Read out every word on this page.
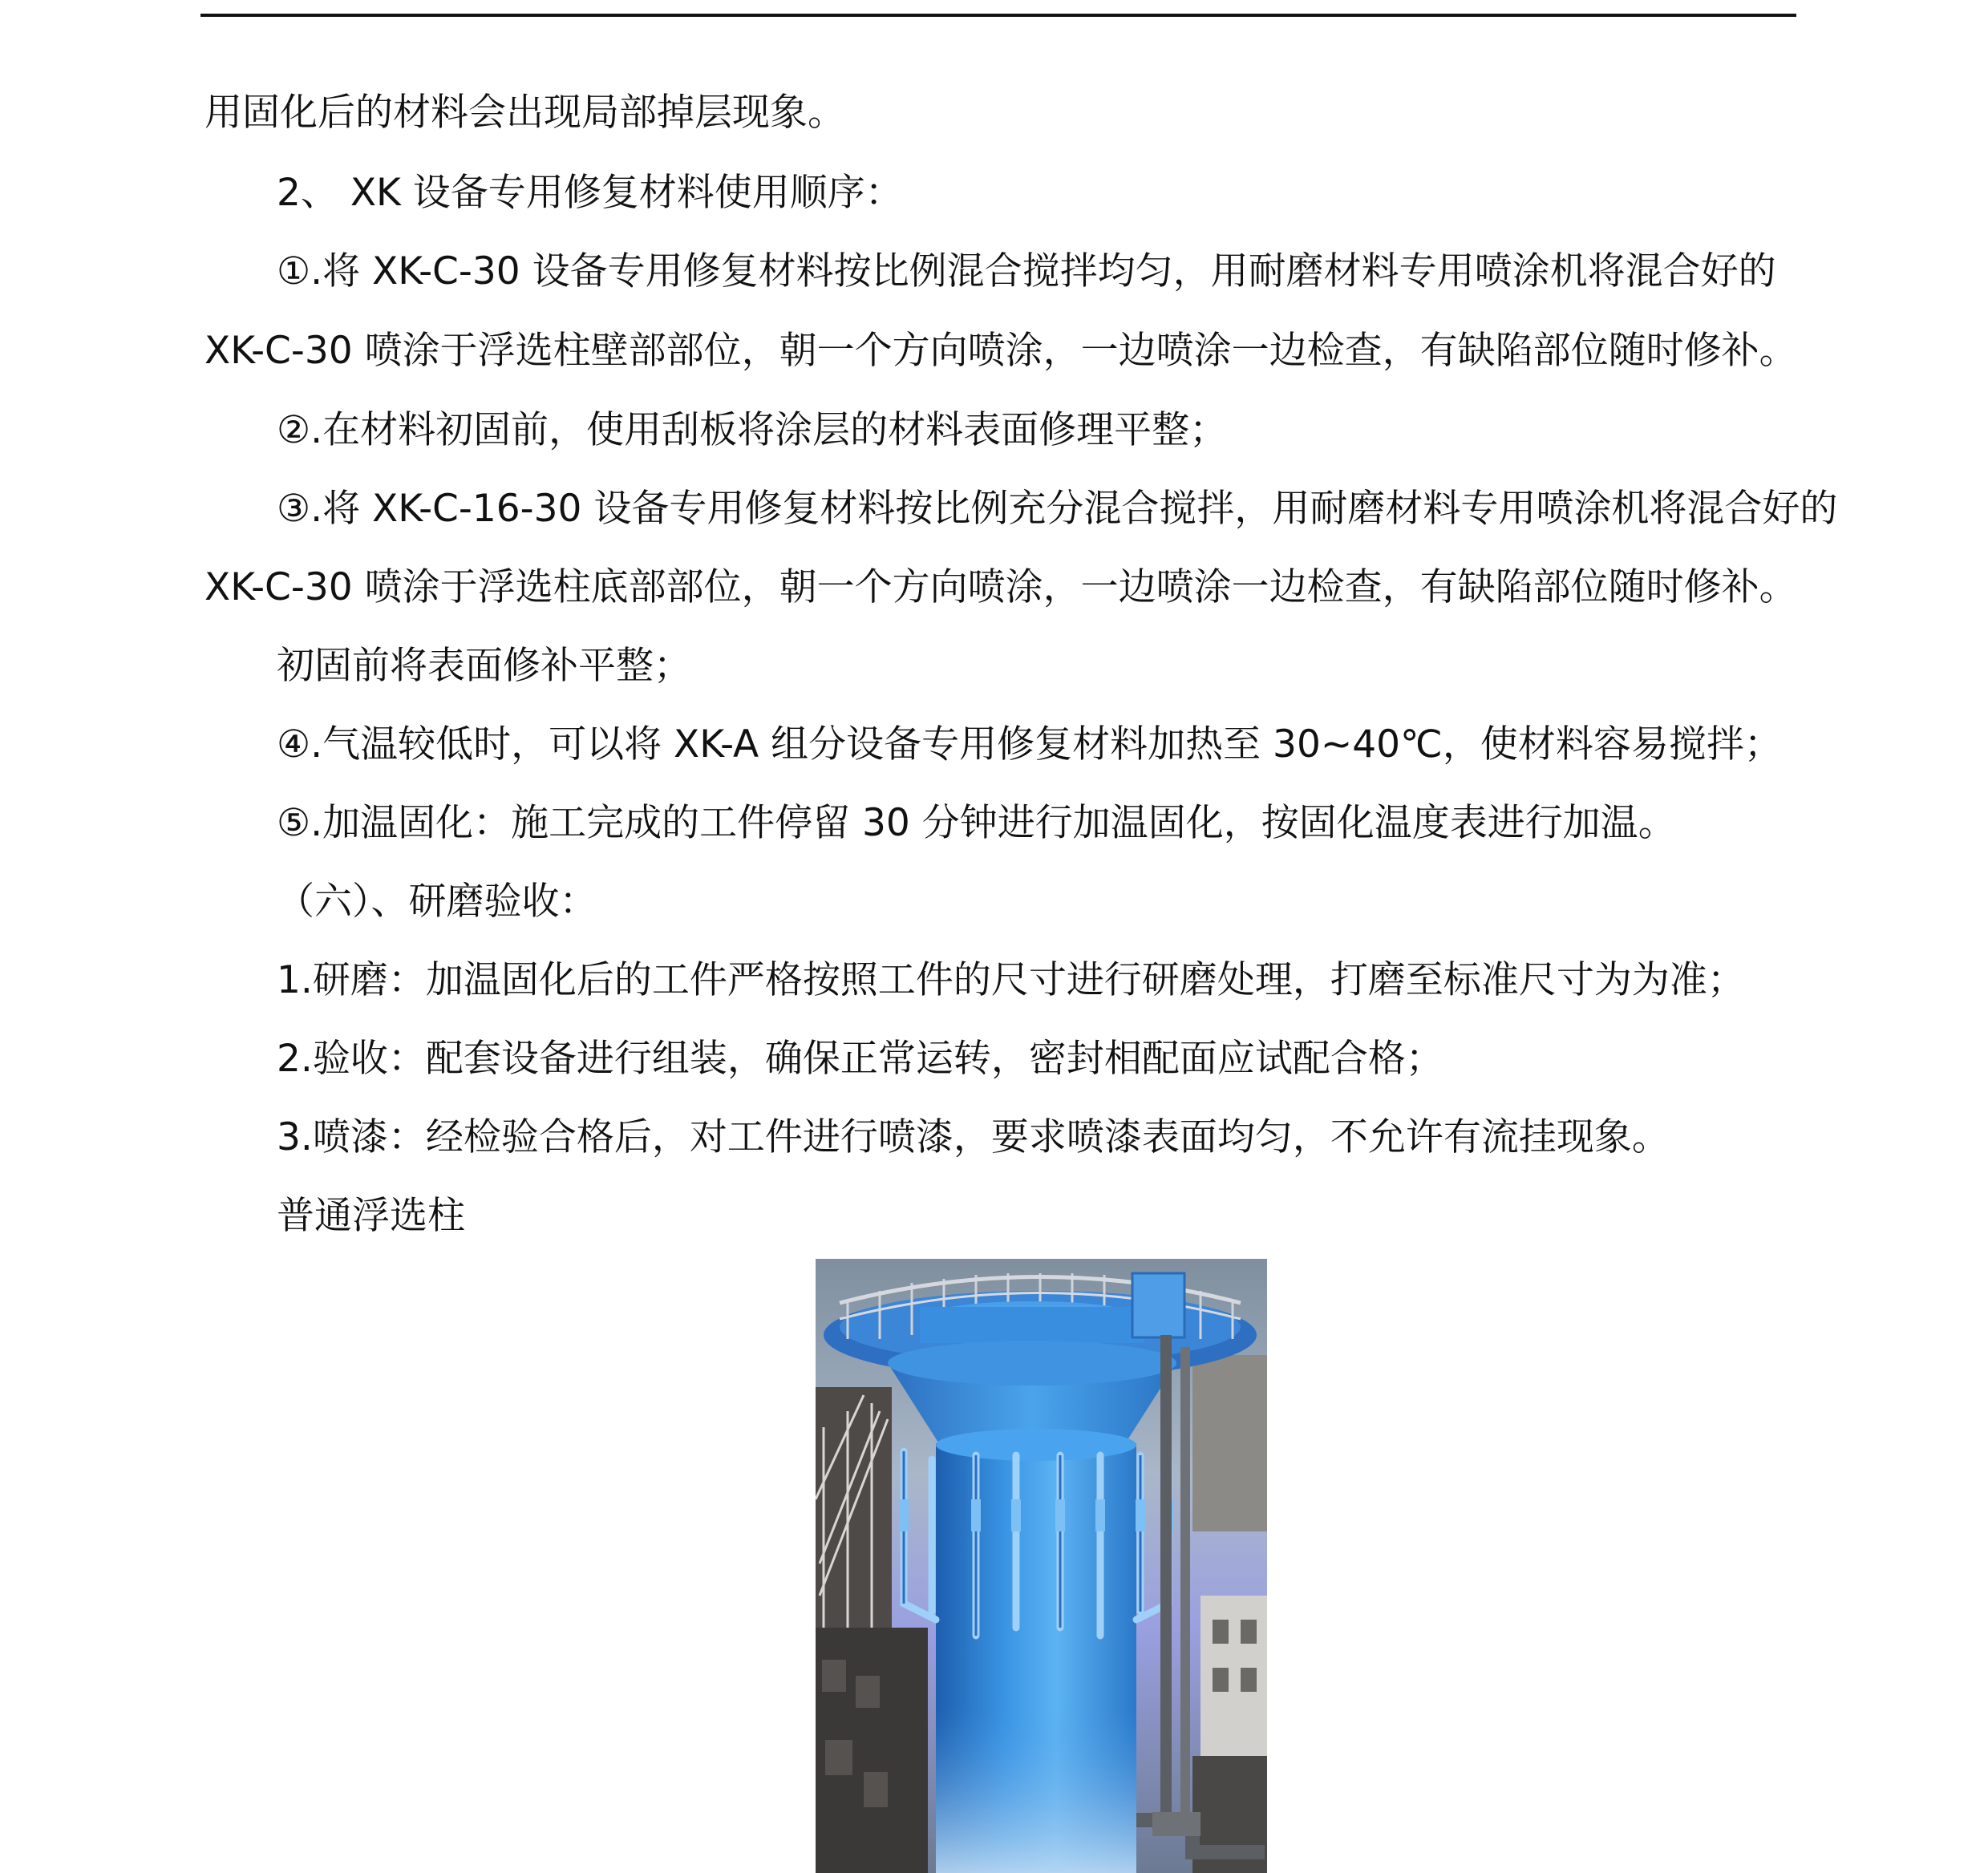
用固化后的材料会出现局部掉层现象。
2、 XK 设备专用修复材料使用顺序：
①.将 XK-C-30 设备专用修复材料按比例混合搅拌均匀，用耐磨材料专用喷涂机将混合好的
XK-C-30 喷涂于浮选柱壁部部位，朝一个方向喷涂，一边喷涂一边检查，有缺陷部位随时修补。
②.在材料初固前，使用刮板将涂层的材料表面修理平整；
③.将 XK-C-16-30 设备专用修复材料按比例充分混合搅拌，用耐磨材料专用喷涂机将混合好的
XK-C-30 喷涂于浮选柱底部部位，朝一个方向喷涂，一边喷涂一边检查，有缺陷部位随时修补。
初固前将表面修补平整；
④.气温较低时，可以将 XK-A 组分设备专用修复材料加热至 30~40℃，使材料容易搅拌；
⑤.加温固化：施工完成的工件停留 30 分钟进行加温固化，按固化温度表进行加温。
（六）、研磨验收：
1.研磨：加温固化后的工件严格按照工件的尺寸进行研磨处理，打磨至标准尺寸为为准；
2.验收：配套设备进行组装，确保正常运转，密封相配面应试配合格；
3.喷漆：经检验合格后，对工件进行喷漆，要求喷漆表面均匀，不允许有流挂现象。
普通浮选柱
